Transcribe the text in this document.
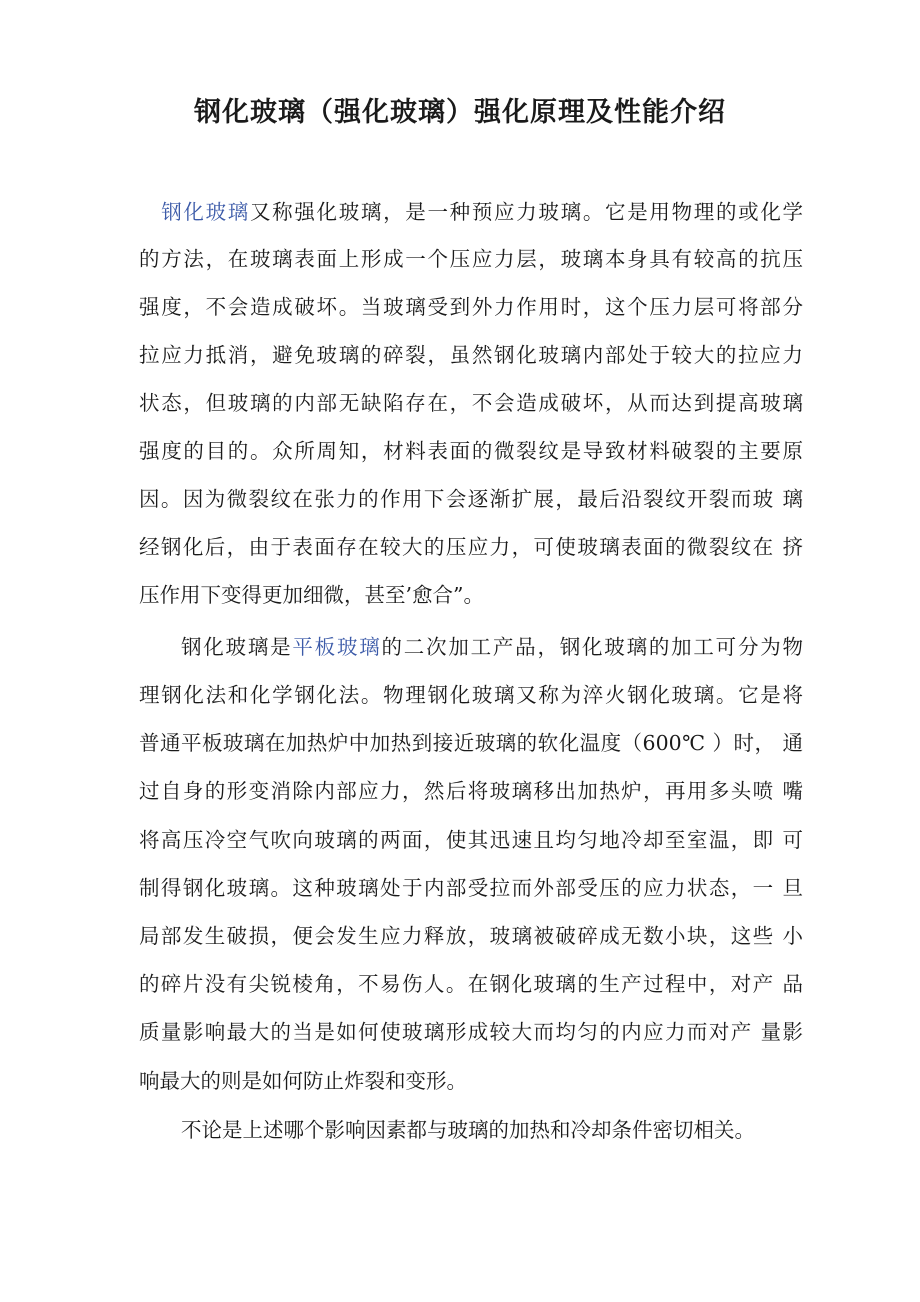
钢化玻璃（强化玻璃）强化原理及性能介绍
　钢化玻璃又称强化玻璃，是一种预应力玻璃。它是用物理的或化学
的方法，在玻璃表面上形成一个压应力层，玻璃本身具有较高的抗压
强度，不会造成破坏。当玻璃受到外力作用时，这个压力层可将部分
拉应力抵消，避免玻璃的碎裂，虽然钢化玻璃内部处于较大的拉应力
状态，但玻璃的内部无缺陷存在，不会造成破坏，从而达到提高玻璃
强度的目的。众所周知，材料表面的微裂纹是导致材料破裂的主要原
因。因为微裂纹在张力的作用下会逐渐扩展，最后沿裂纹开裂而玻 璃
经钢化后，由于表面存在较大的压应力，可使玻璃表面的微裂纹在 挤
压作用下变得更加细微，甚至’愈合”。
钢化玻璃是平板玻璃的二次加工产品，钢化玻璃的加工可分为物
理钢化法和化学钢化法。物理钢化玻璃又称为淬火钢化玻璃。它是将
普通平板玻璃在加热炉中加热到接近玻璃的软化温度（600℃ ）时， 通
过自身的形变消除内部应力，然后将玻璃移出加热炉，再用多头喷 嘴
将高压冷空气吹向玻璃的两面，使其迅速且均匀地冷却至室温，即 可
制得钢化玻璃。这种玻璃处于内部受拉而外部受压的应力状态，一 旦
局部发生破损，便会发生应力释放，玻璃被破碎成无数小块，这些 小
的碎片没有尖锐棱角，不易伤人。在钢化玻璃的生产过程中，对产 品
质量影响最大的当是如何使玻璃形成较大而均匀的内应力而对产 量影
响最大的则是如何防止炸裂和变形。
不论是上述哪个影响因素都与玻璃的加热和冷却条件密切相关。
